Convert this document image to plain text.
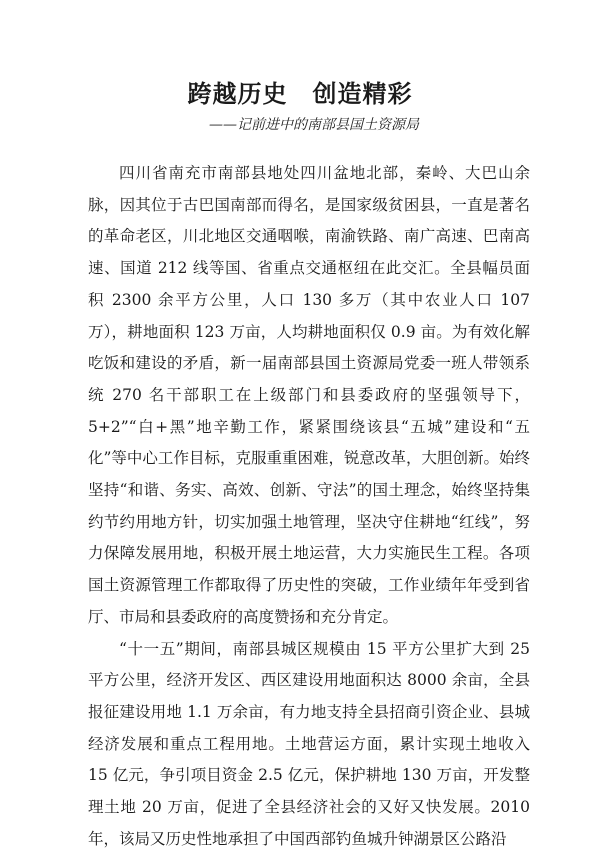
跨越历史　创造精彩
——记前进中的南部县国土资源局

四川省南充市南部县地处四川盆地北部，秦岭、大巴山余脉，因其位于古巴国南部而得名，是国家级贫困县，一直是著名的革命老区，川北地区交通咽喉，南渝铁路、南广高速、巴南高速、国道 212 线等国、省重点交通枢纽在此交汇。全县幅员面积 2300 余平方公里，人口 130 多万（其中农业人口 107 万），耕地面积 123 万亩，人均耕地面积仅 0.9 亩。为有效化解吃饭和建设的矛盾，新一届南部县国土资源局党委一班人带领系统 270 名干部职工在上级部门和县委政府的坚强领导下，5+2”“白+黑”地辛勤工作，紧紧围绕该县“五城”建设和“五化”等中心工作目标，克服重重困难，锐意改革，大胆创新。始终坚持“和谐、务实、高效、创新、守法”的国土理念，始终坚持集约节约用地方针，切实加强土地管理，坚决守住耕地“红线”，努力保障发展用地，积极开展土地运营，大力实施民生工程。各项国土资源管理工作都取得了历史性的突破，工作业绩年年受到省厅、市局和县委政府的高度赞扬和充分肯定。

“十一五”期间，南部县城区规模由 15 平方公里扩大到 25 平方公里，经济开发区、西区建设用地面积达 8000 余亩，全县报征建设用地 1.1 万余亩，有力地支持全县招商引资企业、县城经济发展和重点工程用地。土地营运方面，累计实现土地收入 15 亿元，争引项目资金 2.5 亿元，保护耕地 130 万亩，开发整理土地 20 万亩，促进了全县经济社会的又好又快发展。2010 年，该局又历史性地承担了中国西部钓鱼城升钟湖景区公路沿
